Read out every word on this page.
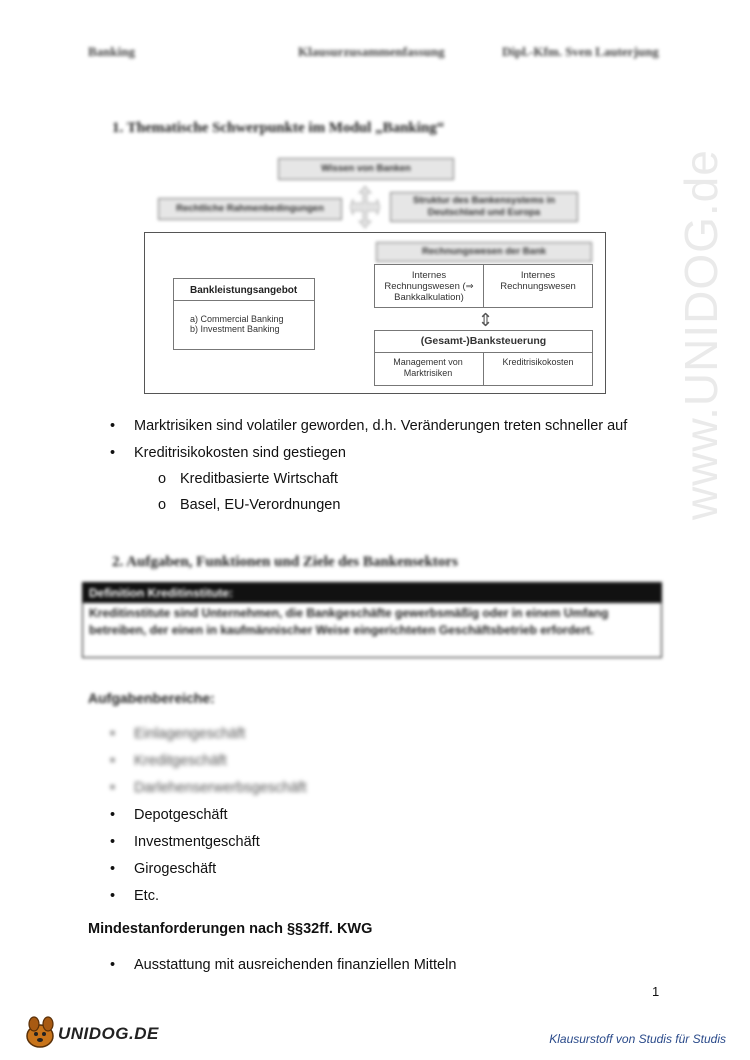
www.UNIDOG.de
Banking	Klausurzusammenfassung	Dipl.-Kfm. Sven Lauterjung
1. Thematische Schwerpunkte im Modul „Banking“
Wissen von Banken
Rechtliche Rahmenbedingungen
Struktur des Bankensystems in Deutschland und Europa
Rechnungswesen der Bank
Internes Rechnungswesen (⇒ Bankkalkulation)
Internes Rechnungswesen
⇕
(Gesamt-)Banksteuerung
Management von Marktrisiken
Kreditrisikokosten
Bankleistungsangebot
a) Commercial Banking
b) Investment Banking
• Marktrisiken sind volatiler geworden, d.h. Veränderungen treten schneller auf
• Kreditrisikokosten sind gestiegen
o Kreditbasierte Wirtschaft
o Basel, EU-Verordnungen
2. Aufgaben, Funktionen und Ziele des Bankensektors
Definition Kreditinstitute:
Kreditinstitute sind Unternehmen, die Bankgeschäfte gewerbsmäßig oder in einem Umfang betreiben, der einen in kaufmännischer Weise eingerichteten Geschäftsbetrieb erfordert.
Aufgabenbereiche:
• Einlagengeschäft
• Kreditgeschäft
• Darlehenserwerbsgeschäft
• Depotgeschäft
• Investmentgeschäft
• Girogeschäft
• Etc.
Mindestanforderungen nach §§32ff. KWG
• Ausstattung mit ausreichenden finanziellen Mitteln
1
UNIDOG.DE	Klausurstoff von Studis für Studis
